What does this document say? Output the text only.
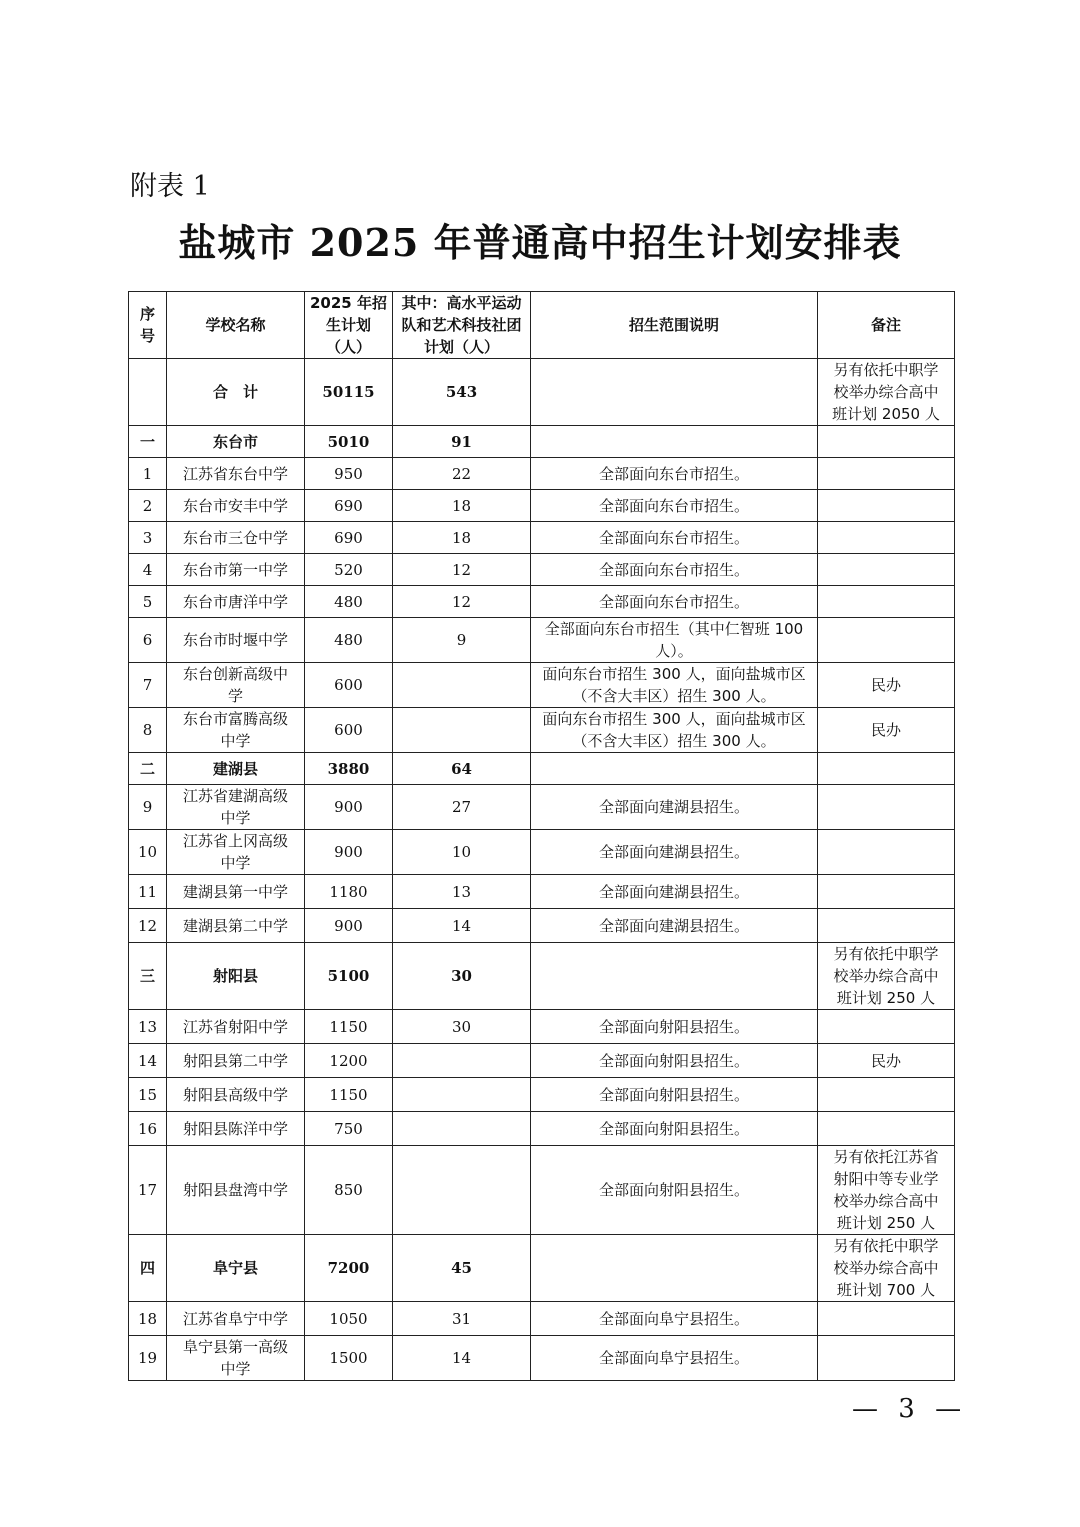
附表 1
盐城市 2025 年普通高中招生计划安排表
序号	学校名称	2025 年招生计划（人）	其中：高水平运动队和艺术科技社团计划（人）	招生范围说明	备注
	合　计	50115	543		另有依托中职学校举办综合高中班计划 2050 人
一	东台市	5010	91		
1	江苏省东台中学	950	22	全部面向东台市招生。	
2	东台市安丰中学	690	18	全部面向东台市招生。	
3	东台市三仓中学	690	18	全部面向东台市招生。	
4	东台市第一中学	520	12	全部面向东台市招生。	
5	东台市唐洋中学	480	12	全部面向东台市招生。	
6	东台市时堰中学	480	9	全部面向东台市招生（其中仁智班 100 人）。	
7	东台创新高级中学	600		面向东台市招生 300 人，面向盐城市区（不含大丰区）招生 300 人。	民办
8	东台市富腾高级中学	600		面向东台市招生 300 人，面向盐城市区（不含大丰区）招生 300 人。	民办
二	建湖县	3880	64		
9	江苏省建湖高级中学	900	27	全部面向建湖县招生。	
10	江苏省上冈高级中学	900	10	全部面向建湖县招生。	
11	建湖县第一中学	1180	13	全部面向建湖县招生。	
12	建湖县第二中学	900	14	全部面向建湖县招生。	
三	射阳县	5100	30		另有依托中职学校举办综合高中班计划 250 人
13	江苏省射阳中学	1150	30	全部面向射阳县招生。	
14	射阳县第二中学	1200		全部面向射阳县招生。	民办
15	射阳县高级中学	1150		全部面向射阳县招生。	
16	射阳县陈洋中学	750		全部面向射阳县招生。	
17	射阳县盘湾中学	850		全部面向射阳县招生。	另有依托江苏省射阳中等专业学校举办综合高中班计划 250 人
四	阜宁县	7200	45		另有依托中职学校举办综合高中班计划 700 人
18	江苏省阜宁中学	1050	31	全部面向阜宁县招生。	
19	阜宁县第一高级中学	1500	14	全部面向阜宁县招生。	
— 3 —
